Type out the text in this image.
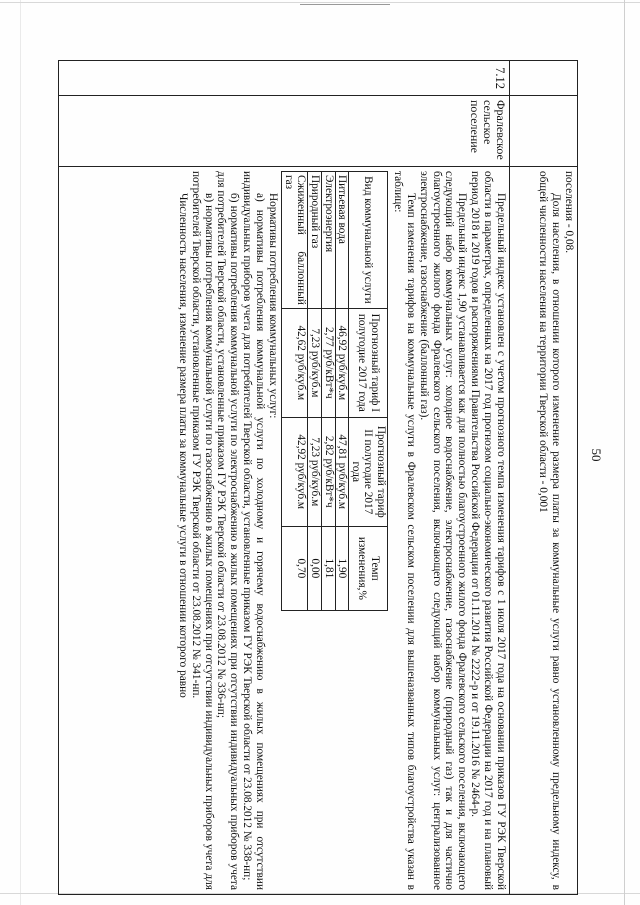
50

поселения - 0,08.

Доля населения, в отношении которого изменение размера платы за коммунальные услуги равно установленному предельному индексу, в общей численности населения на территории Тверской области - 0,001

7.12	Фралевское сельское поселение	

Предельный индекс установлен с учетом прогнозного темпа изменения тарифов с 1 июля 2017 года на основании приказов ГУ РЭК Тверской области в параметрах, определенных на 2017 год прогнозом социально-экономического развития Российской Федерации на 2017 год и на плановый период 2018 и 2019 годов и распоряжениями Правительства Российской Федерации от 01.11.2014 № 2222-р и от 19.11.2016 № 2464-р.

Предельный индекс 1,90 устанавливается как для полностью благоустроенного жилого фонда Фралевского сельского поселения, включающего следующий набор коммунальных услуг: холодное водоснабжение, электроснабжение, газоснабжение (природный газ) так и для частично благоустроенного жилого фонда Фралевского сельского поселения, включающего следующий набор коммунальных услуг: централизованное электроснабжение, газоснабжение (баллонный газ).

Темп изменения тарифов на коммунальные услуги в Фралевском сельском поселении для вышеназванных типов благоустройства указан в таблице:

Вид коммунальной услуги	Прогнозный тариф I полугодие 2017 года	Прогнозный тариф II полугодие 2017 года	Темп изменения,%
Питьевая вода	46,92 руб/куб.м	47,81 руб/куб.м	1,90
Электроэнергия	2,77 руб/кВт*ч	2,82 руб/кВт*ч	1,81
Природный газ	7,23 руб/куб.м	7,23 руб/куб.м	0,00
Сжиженный баллонный газ	42,62 руб/куб.м	42,92 руб/куб.м	0,70

Нормативы потребления коммунальных услуг:

а) нормативы потребления коммунальной услуги по холодному и горячему водоснабжению в жилых помещениях при отсутствии индивидуальных приборов учета для потребителей Тверской области, установленные приказом ГУ РЭК Тверской области от 23.08.2012 № 338-нп;

б) нормативы потребления коммунальной услуги по электроснабжению в жилых помещениях при отсутствии индивидуальных приборов учета для потребителей Тверской области, установленные приказом ГУ РЭК Тверской области от 23.08.2012 № 336-нп;

в) нормативы потребления коммунальной услуги по газоснабжению в жилых помещениях при отсутствии индивидуальных приборов учета для потребителей Тверской области, установленные приказом ГУ РЭК Тверской области от 23.08.2012 № 341-нп.

Численность населения, изменение размера платы за коммунальные услуги в отношении которого равно
